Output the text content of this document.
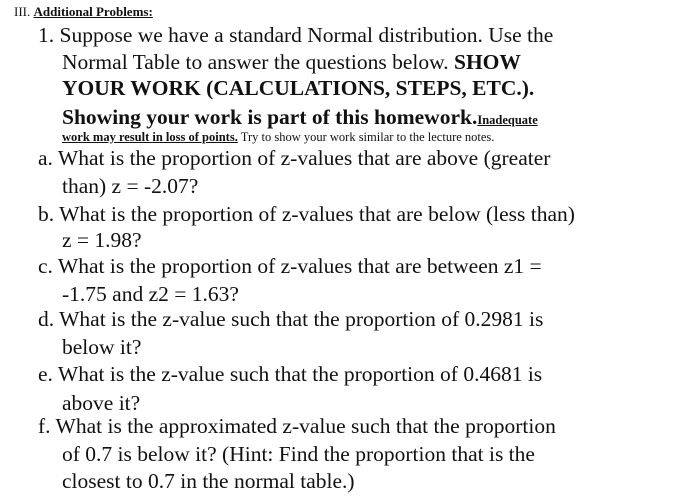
III. Additional Problems:
1. Suppose we have a standard Normal distribution. Use the
Normal Table to answer the questions below. SHOW
YOUR WORK (CALCULATIONS, STEPS, ETC.).
Showing your work is part of this homework.Inadequate
work may result in loss of points. Try to show your work similar to the lecture notes.
a. What is the proportion of z-values that are above (greater
than) z = -2.07?
b. What is the proportion of z-values that are below (less than)
z = 1.98?
c. What is the proportion of z-values that are between z1 =
-1.75 and z2 = 1.63?
d. What is the z-value such that the proportion of 0.2981 is
below it?
e. What is the z-value such that the proportion of 0.4681 is
above it?
f. What is the approximated z-value such that the proportion
of 0.7 is below it? (Hint: Find the proportion that is the
closest to 0.7 in the normal table.)
